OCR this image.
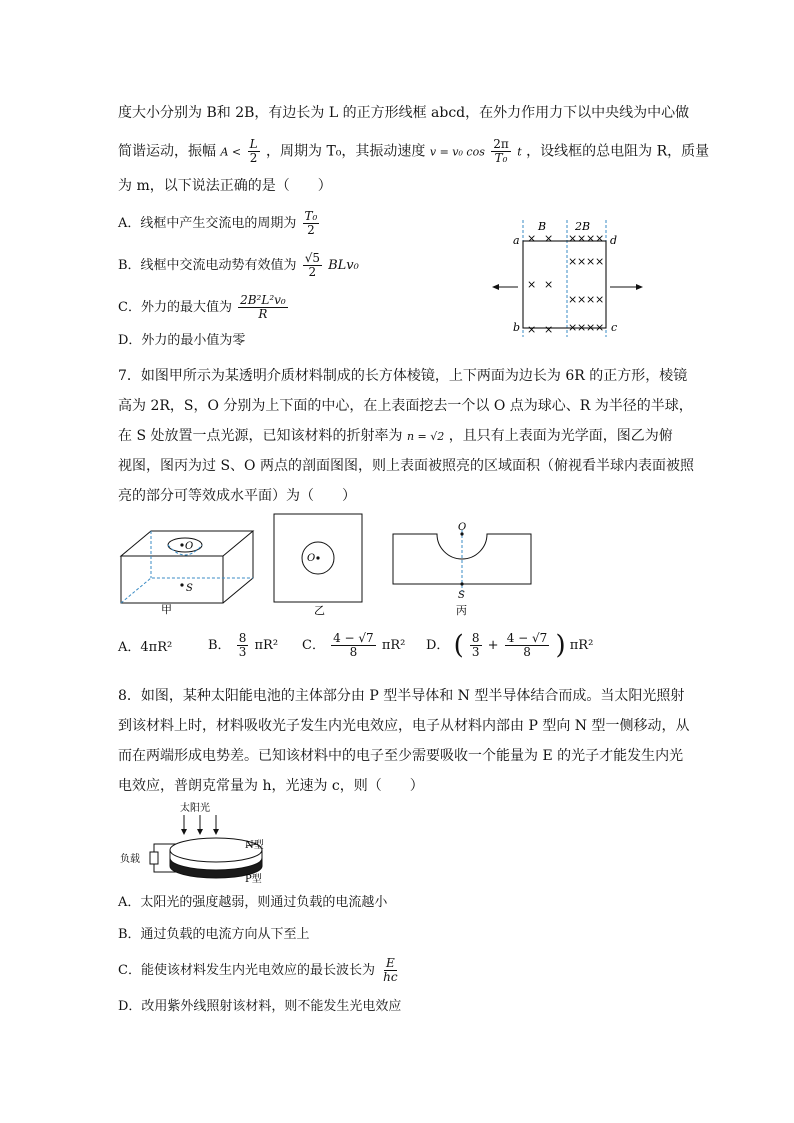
度大小分别为 B和 2B，有边长为 L 的正方形线框 abcd，在外力作用力下以中央线为中心做
简谐运动，振幅 $A < \frac{L}{2}$ ，周期为 T₀，其振动速度 v = v₀ $\cos \frac{2\pi}{\text{T₀}}$ t ，设线框的总电阻为 R，质量
为 m，以下说法正确的是（　　）
A．线框中产生交流电的周期为 $\frac{\text{T₀}}{2}$
B．线框中交流电动势有效值为 $\frac{√5}{2} BLv_0$
C．外力的最大值为 $\frac{\text{2B²L²v₀}}{R}$
D．外力的最小值为零
B	2B
a	d
b	c
× ×
× ×
× ×
× × × ×
× × × ×
× × × ×
× × × ×
7．如图甲所示为某透明介质材料制成的长方体棱镜，上下两面为边长为 6R 的正方形，棱镜
高为 2R，S，O 分别为上下面的中心，在上表面挖去一个以 O 点为球心、R 为半径的半球，
在 S 处放置一点光源，已知该材料的折射率为 n = √2 ，且只有上表面为光学面，图乙为俯
视图，图丙为过 S、O 两点的剖面图图，则上表面被照亮的区域面积（俯视看半球内表面被照
亮的部分可等效成水平面）为（　　）
O
S
甲
O
乙
O
S
丙
A．4πR²	B． $\frac{8}{3} \pi R^2$ C． $\frac{4 - √7}{8} \pi R^2$ D． ( $\frac{8}{3} + \frac{4 - √7}{8}$ ) πR²
8．如图，某种太阳能电池的主体部分由 P 型半导体和 N 型半导体结合而成。当太阳光照射
到该材料上时，材料吸收光子发生内光电效应，电子从材料内部由 P 型向 N 型一侧移动，从
而在两端形成电势差。已知该材料中的电子至少需要吸收一个能量为 E 的光子才能发生内光
电效应，普朗克常量为 h，光速为 c，则（　　）
太阳光
负载
N型
P型
A．太阳光的强度越弱，则通过负载的电流越小
B．通过负载的电流方向从下至上
C．能使该材料发生内光电效应的最长波长为 $\frac{E}{hc}$
D．改用紫外线照射该材料，则不能发生光电效应
